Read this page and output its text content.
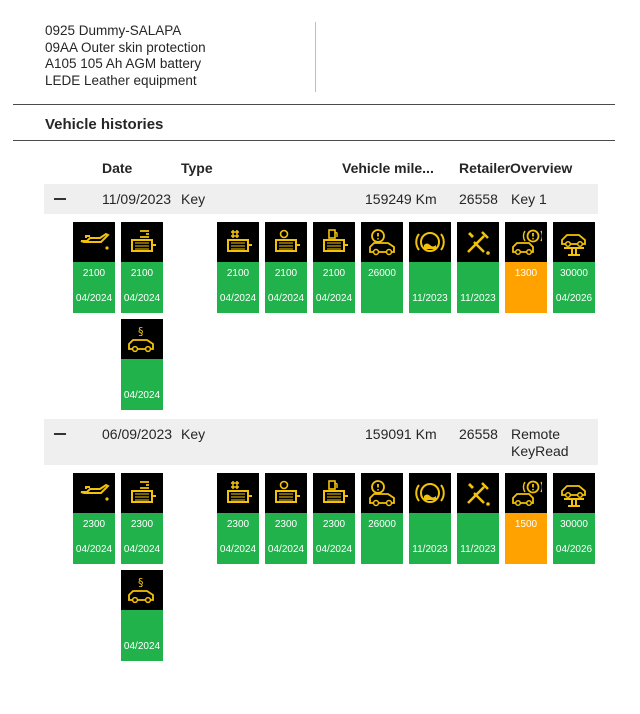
0925 Dummy-SALAPA
09AA Outer skin protection
A105 105 Ah AGM battery
LEDE Leather equipment
Vehicle histories
Date	Type	Vehicle mile... Retailer Overview
11/09/2023 Key	159249 Km 26558 Key 1
2100
04/2024
2100
04/2024
2100
04/2024
2100
04/2024
2100
04/2024
26000
11/2023	11/2023
1300	30000
04/2026
§
04/2024
06/09/2023 Key	159091 Km 26558 Remote
KeyRead
2300
04/2024
2300
04/2024
2300
04/2024
2300
04/2024
2300
04/2024
26000
11/2023	11/2023
1500	30000
04/2026
§
04/2024
